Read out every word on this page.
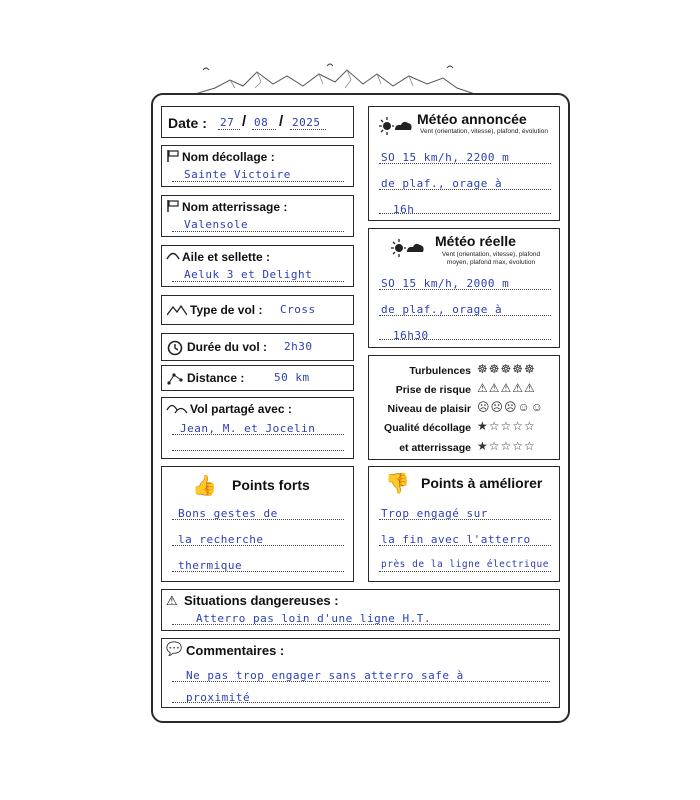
Date : 27 / 08 / 2025
Nom décollage :
Sainte Victoire
Nom atterrissage :
Valensole
Aile et sellette :
Aeluk 3 et Delight
Type de vol : Cross
Durée du vol : 2h30
Distance :	50 km
Vol partagé avec :
Jean, M. et Jocelin
Météo annoncée
Vent (orientation, vitesse), plafond, évolution
SO 15 km/h, 2200 m
de plaf., orage à
16h
Météo réelle
Vent (orientation, vitesse), plafond moyen, plafond max, évolution
SO 15 km/h, 2000 m
de plaf., orage à
16h30
Turbulences ☸☸☸☸☸
Prise de risque ⚠⚠⚠⚠⚠
Niveau de plaisir ☹☹☹☺☺
Qualité décollage ★☆☆☆☆
et atterrissage ★☆☆☆☆
👍 Points forts
Bons gestes de
la recherche
thermique
👎 Points à améliorer
Trop engagé sur
la fin avec l'atterro
près de la ligne électrique
⚠ Situations dangereuses :
Atterro pas loin d'une ligne H.T.
💬 Commentaires :
Ne pas trop engager sans atterro safe à
proximité
